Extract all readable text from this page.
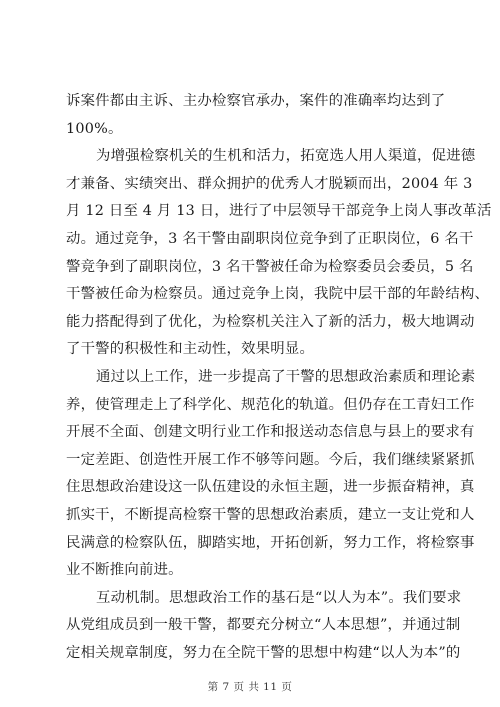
诉案件都由主诉、主办检察官承办，案件的准确率均达到了
100%。
为增强检察机关的生机和活力，拓宽选人用人渠道，促进德
才兼备、实绩突出、群众拥护的优秀人才脱颖而出，2004 年 3
月 12 日至 4 月 13 日，进行了中层领导干部竞争上岗人事改革活
动。通过竞争，3 名干警由副职岗位竞争到了正职岗位，6 名干
警竞争到了副职岗位，3 名干警被任命为检察委员会委员，5 名
干警被任命为检察员。通过竞争上岗，我院中层干部的年龄结构、
能力搭配得到了优化，为检察机关注入了新的活力，极大地调动
了干警的积极性和主动性，效果明显。
通过以上工作，进一步提高了干警的思想政治素质和理论素
养，使管理走上了科学化、规范化的轨道。但仍存在工青妇工作
开展不全面、创建文明行业工作和报送动态信息与县上的要求有
一定差距、创造性开展工作不够等问题。今后，我们继续紧紧抓
住思想政治建设这一队伍建设的永恒主题，进一步振奋精神，真
抓实干，不断提高检察干警的思想政治素质，建立一支让党和人
民满意的检察队伍，脚踏实地，开拓创新，努力工作，将检察事
业不断推向前进。
互动机制。思想政治工作的基石是“以人为本”。我们要求
从党组成员到一般干警，都要充分树立“人本思想”，并通过制
定相关规章制度，努力在全院干警的思想中构建“以人为本”的
第 7 页 共 11 页
